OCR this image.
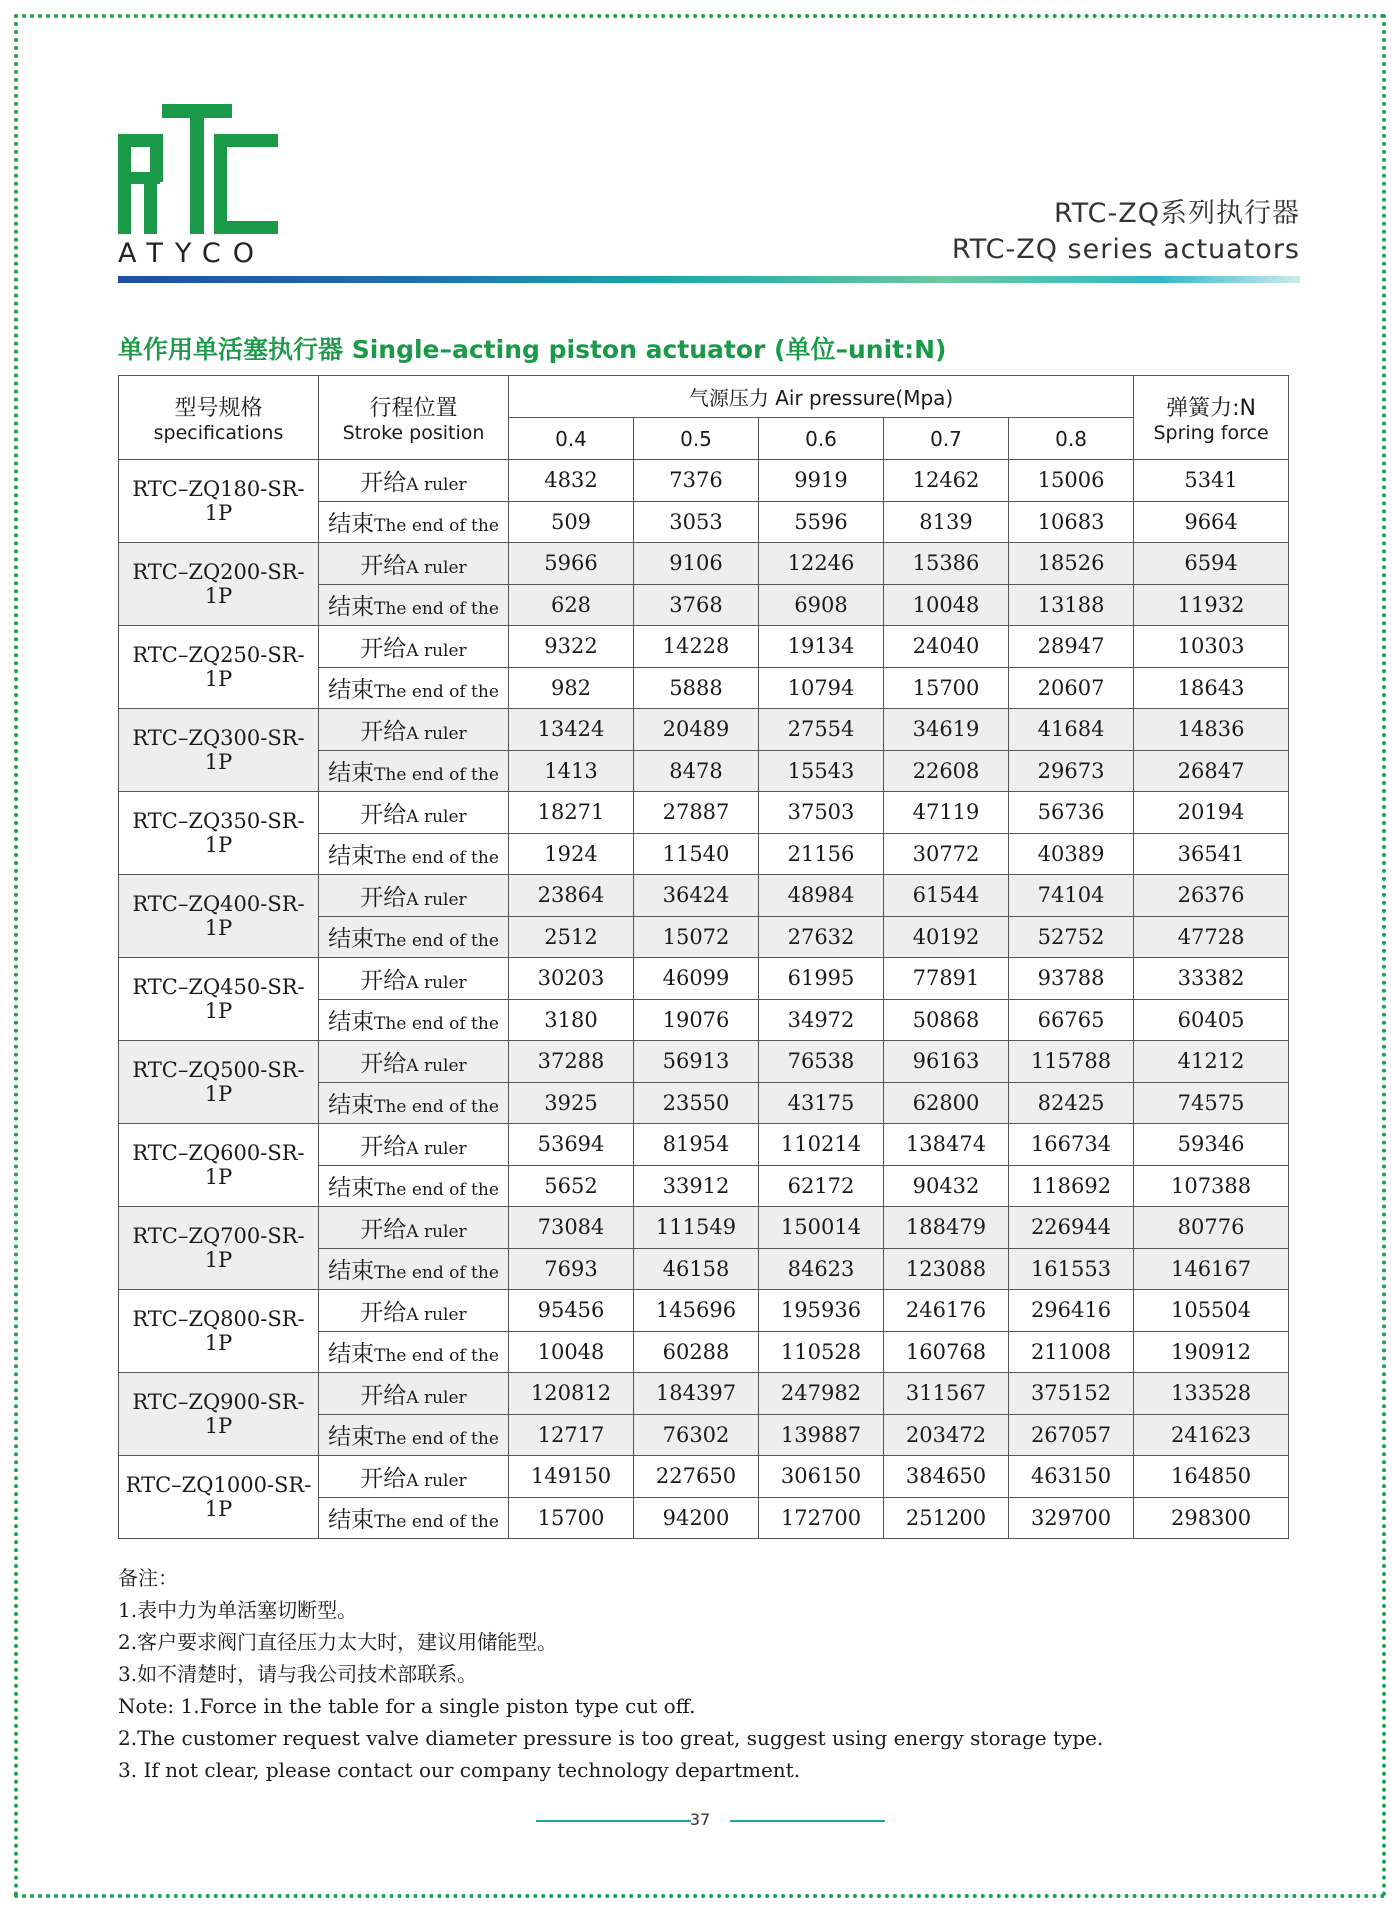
ATYCO
RTC-ZQ系列执行器
RTC-ZQ series actuators
单作用单活塞执行器 Single–acting piston actuator (单位–unit:N)
型号规格
specifications	行程位置
Stroke position	气源压力 Air pressure(Mpa)					弹簧力:N
Spring force

		0.4	0.5	0.6	0.7	0.8	
RTC–ZQ180-SR-1P	开给A ruler	4832	7376	9919	12462	15006	5341
	结束The end of the	509	3053	5596	8139	10683	9664
RTC–ZQ200-SR-1P	开给A ruler	5966	9106	12246	15386	18526	6594
	结束The end of the	628	3768	6908	10048	13188	11932
RTC–ZQ250-SR-1P	开给A ruler	9322	14228	19134	24040	28947	10303
	结束The end of the	982	5888	10794	15700	20607	18643
RTC–ZQ300-SR-1P	开给A ruler	13424	20489	27554	34619	41684	14836
	结束The end of the	1413	8478	15543	22608	29673	26847
RTC–ZQ350-SR-1P	开给A ruler	18271	27887	37503	47119	56736	20194
	结束The end of the	1924	11540	21156	30772	40389	36541
RTC–ZQ400-SR-1P	开给A ruler	23864	36424	48984	61544	74104	26376
	结束The end of the	2512	15072	27632	40192	52752	47728
RTC–ZQ450-SR-1P	开给A ruler	30203	46099	61995	77891	93788	33382
	结束The end of the	3180	19076	34972	50868	66765	60405
RTC–ZQ500-SR-1P	开给A ruler	37288	56913	76538	96163	115788	41212
	结束The end of the	3925	23550	43175	62800	82425	74575
RTC–ZQ600-SR-1P	开给A ruler	53694	81954	110214	138474	166734	59346
	结束The end of the	5652	33912	62172	90432	118692	107388
RTC–ZQ700-SR-1P	开给A ruler	73084	111549	150014	188479	226944	80776
	结束The end of the	7693	46158	84623	123088	161553	146167
RTC–ZQ800-SR-1P	开给A ruler	95456	145696	195936	246176	296416	105504
	结束The end of the	10048	60288	110528	160768	211008	190912
RTC–ZQ900-SR-1P	开给A ruler	120812	184397	247982	311567	375152	133528
	结束The end of the	12717	76302	139887	203472	267057	241623
RTC–ZQ1000-SR-1P	开给A ruler	149150	227650	306150	384650	463150	164850
	结束The end of the	15700	94200	172700	251200	329700	298300
备注：
1.表中力为单活塞切断型。
2.客户要求阀门直径压力太大时，建议用储能型。
3.如不清楚时，请与我公司技术部联系。
Note: 1.Force in the table for a single piston type cut off.
2.The customer request valve diameter pressure is too great, suggest using energy storage type.
3. If not clear, please contact our company technology department.
37
